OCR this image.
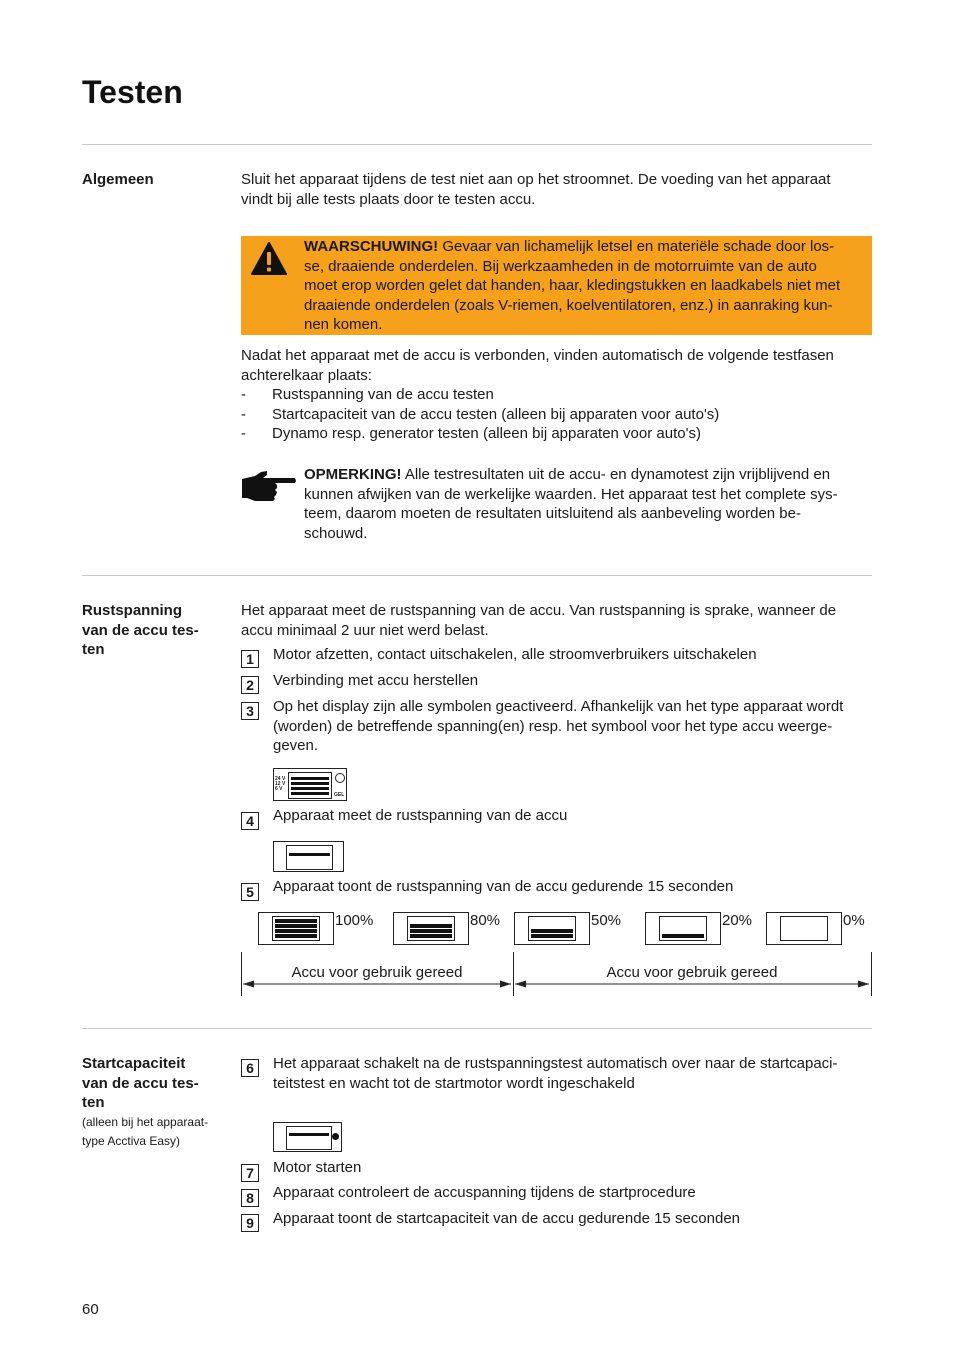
Testen
Algemeen	Sluit het apparaat tijdens de test niet aan op het stroomnet. De voeding van het apparaat
vindt bij alle tests plaats door te testen accu.
WAARSCHUWING! Gevaar van lichamelijk letsel en materiële schade door los-
se, draaiende onderdelen. Bij werkzaamheden in de motorruimte van de auto
moet erop worden gelet dat handen, haar, kledingstukken en laadkabels niet met
draaiende onderdelen (zoals V-riemen, koelventilatoren, enz.) in aanraking kun-
nen komen.
Nadat het apparaat met de accu is verbonden, vinden automatisch de volgende testfasen
achterelkaar plaats:
- Rustspanning van de accu testen
- Startcapaciteit van de accu testen (alleen bij apparaten voor auto's)
- Dynamo resp. generator testen (alleen bij apparaten voor auto's)
OPMERKING! Alle testresultaten uit de accu- en dynamotest zijn vrijblijvend en
kunnen afwijken van de werkelijke waarden. Het apparaat test het complete sys-
teem, daarom moeten de resultaten uitsluitend als aanbeveling worden be-
schouwd.
Rustspanning
van de accu tes-
ten
Het apparaat meet de rustspanning van de accu. Van rustspanning is sprake, wanneer de
accu minimaal 2 uur niet werd belast.
1	Motor afzetten, contact uitschakelen, alle stroomverbruikers uitschakelen
2	Verbinding met accu herstellen
3	Op het display zijn alle symbolen geactiveerd. Afhankelijk van het type apparaat wordt
(worden) de betreffende spanning(en) resp. het symbool voor het type accu weerge-
geven.
24 V
12 V
6 V
GEL
4	Apparaat meet de rustspanning van de accu
5	Apparaat toont de rustspanning van de accu gedurende 15 seconden
100%	80%	50%	20%	0%
Accu voor gebruik gereed	Accu voor gebruik gereed
Startcapaciteit
van de accu tes-
ten
(alleen bij het apparaat-
type Acctiva Easy)
6	Het apparaat schakelt na de rustspanningstest automatisch over naar de startcapaci-
teitstest en wacht tot de startmotor wordt ingeschakeld
7	Motor starten
8	Apparaat controleert de accuspanning tijdens de startprocedure
9	Apparaat toont de startcapaciteit van de accu gedurende 15 seconden
60
